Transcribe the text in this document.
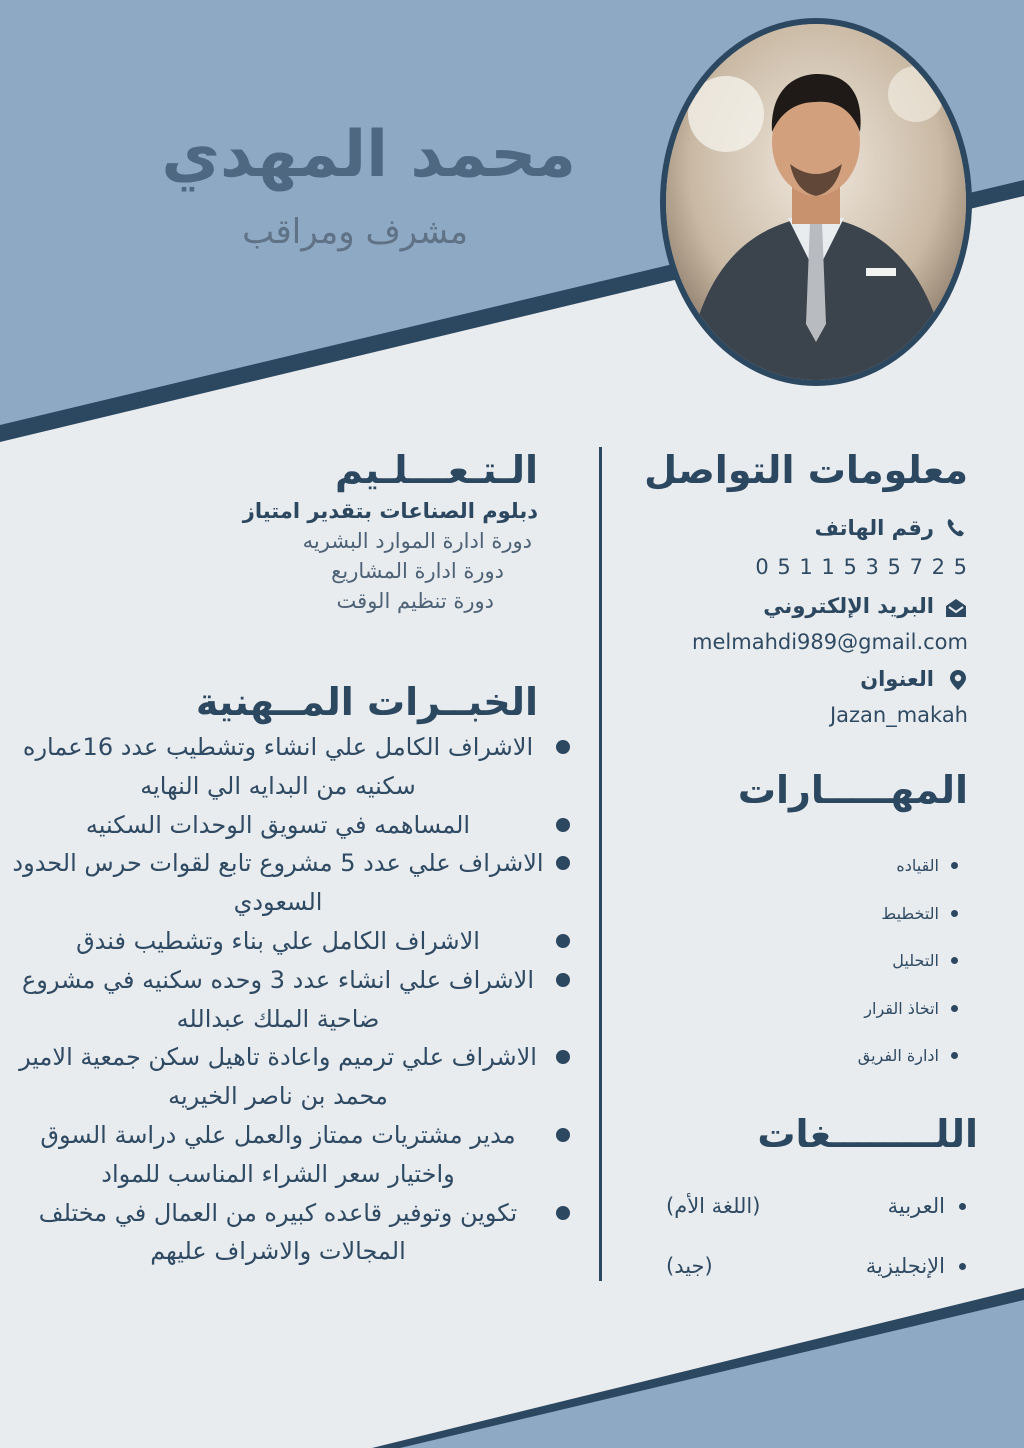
محمد المهدي
مشرف ومراقب
معلومات التواصل
رقم الهاتف
0 5 1 1 5 3 5 7 2 5
البريد الإلكتروني
melmahdi989@gmail.com
العنوان
Jazan_makah
المهـــــارات
القياده
التخطيط
التحليل
اتخاذ القرار
ادارة الفريق
اللــــــــغات
العربية
(اللغة الأم)
الإنجليزية
(جيد)
الـتـعـــلـيم
دبلوم الصناعات بتقدير امتياز
دورة ادارة الموارد البشريه
دورة ادارة المشاريع
دورة تنظيم الوقت
الخبــرات المــهنية
الاشراف الكامل علي انشاء وتشطيب عدد 16عماره سكنيه من البدايه الي النهايه
المساهمه في تسويق الوحدات السكنيه
الاشراف علي عدد 5 مشروع تابع لقوات حرس الحدود السعودي
الاشراف الكامل علي بناء وتشطيب فندق
الاشراف علي انشاء عدد 3 وحده سكنيه في مشروع ضاحية الملك عبدالله
الاشراف علي ترميم واعادة تاهيل سكن جمعية الامير محمد بن ناصر الخيريه
مدير مشتريات ممتاز والعمل علي دراسة السوق واختيار سعر الشراء المناسب للمواد
تكوين وتوفير قاعده كبيره من العمال في مختلف المجالات والاشراف عليهم
